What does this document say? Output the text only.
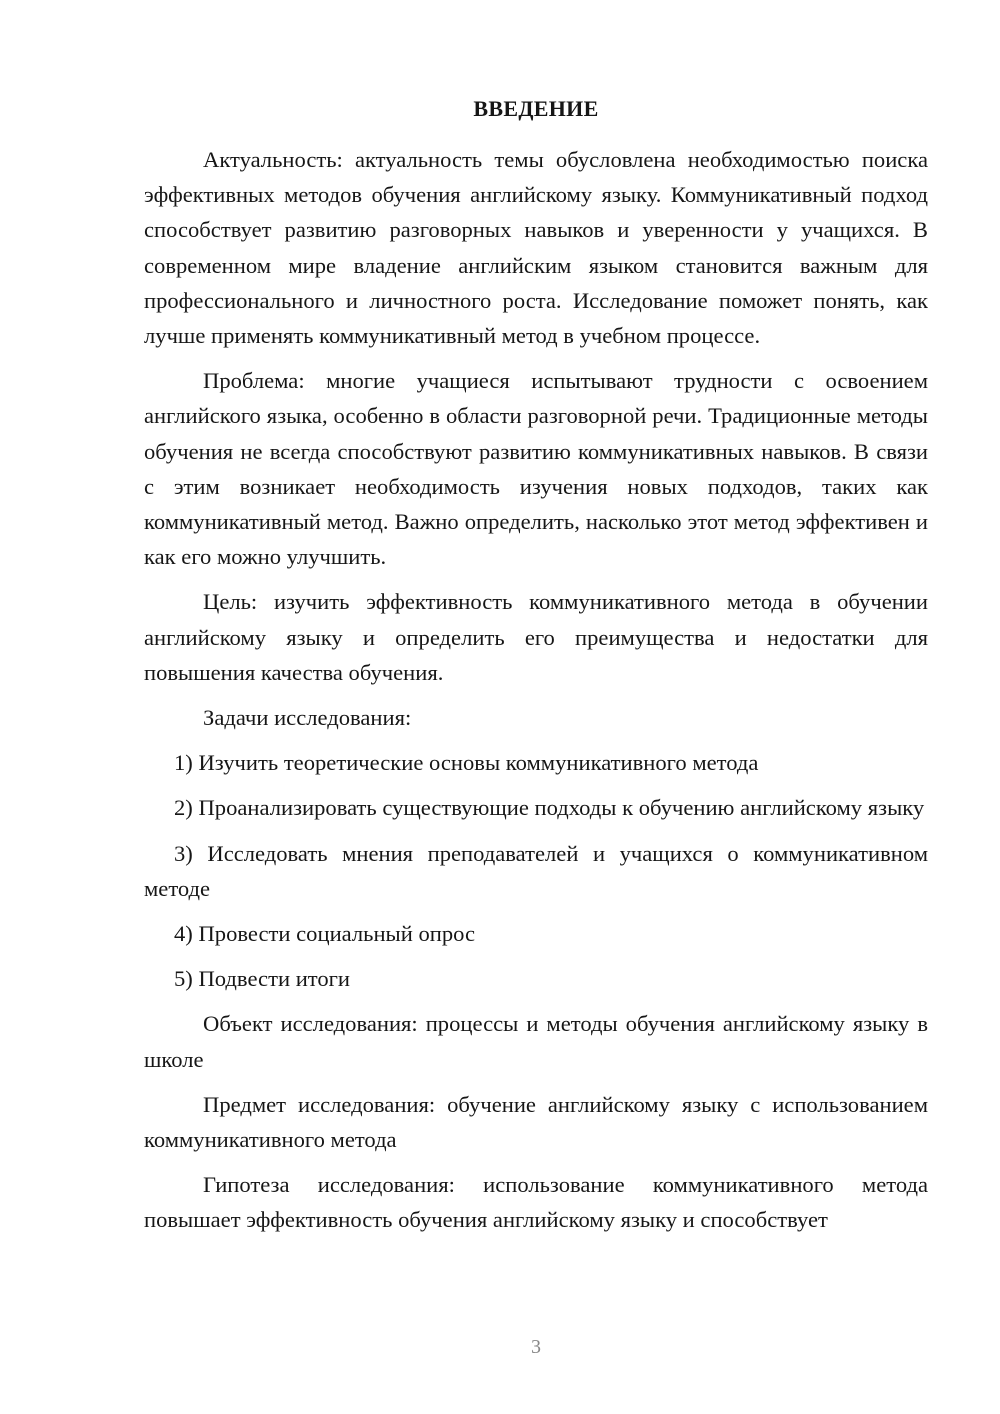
ВВЕДЕНИЕ

Актуальность: актуальность темы обусловлена необходимостью поиска эффективных методов обучения английскому языку. Коммуникативный подход способствует развитию разговорных навыков и уверенности у учащихся. В современном мире владение английским языком становится важным для профессионального и личностного роста. Исследование поможет понять, как лучше применять коммуникативный метод в учебном процессе.

Проблема: многие учащиеся испытывают трудности с освоением английского языка, особенно в области разговорной речи. Традиционные методы обучения не всегда способствуют развитию коммуникативных навыков. В связи с этим возникает необходимость изучения новых подходов, таких как коммуникативный метод. Важно определить, насколько этот метод эффективен и как его можно улучшить.

Цель: изучить эффективность коммуникативного метода в обучении английскому языку и определить его преимущества и недостатки для повышения качества обучения.

Задачи исследования:

1) Изучить теоретические основы коммуникативного метода

2) Проанализировать существующие подходы к обучению английскому языку

3) Исследовать мнения преподавателей и учащихся о коммуникативном методе

4) Провести социальный опрос

5) Подвести итоги

Объект исследования: процессы и методы обучения английскому языку в школе

Предмет исследования: обучение английскому языку с использованием коммуникативного метода

Гипотеза исследования: использование коммуникативного метода повышает эффективность обучения английскому языку и способствует

3
